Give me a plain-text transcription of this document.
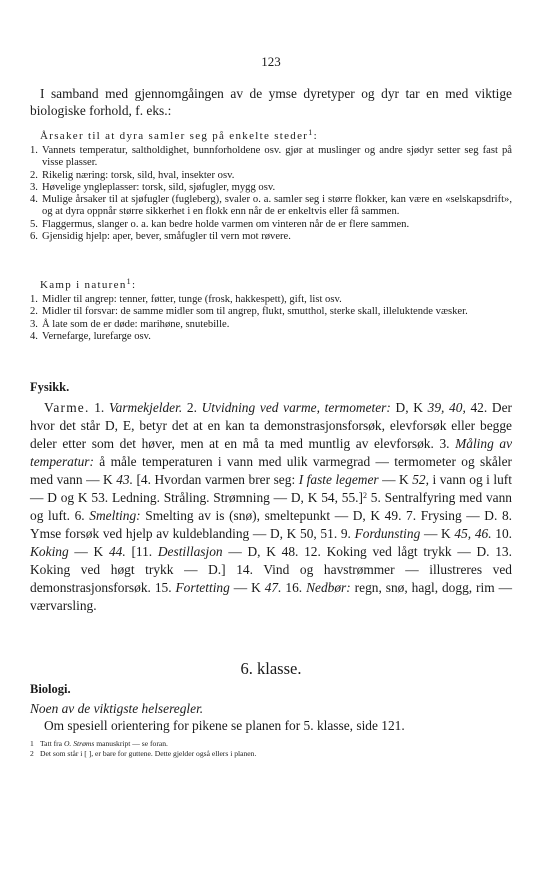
123
I samband med gjennomgåingen av de ymse dyretyper og dyr tar en med viktige biologiske forhold, f. eks.:
Årsaker til at dyra samler seg på enkelte steder$^1$:
1. Vannets temperatur, saltholdighet, bunnforholdene osv. gjør at muslinger og andre sjødyr setter seg fast på visse plasser.
2. Rikelig næring: torsk, sild, hval, insekter osv.
3. Høvelige yngleplasser: torsk, sild, sjøfugler, mygg osv.
4. Mulige årsaker til at sjøfugler (fugleberg), svaler o. a. samler seg i større flokker, kan være en «selskapsdrift», og at dyra oppnår større sikkerhet i en flokk enn når de er enkeltvis eller få sammen.
5. Flaggermus, slanger o. a. kan bedre holde varmen om vinteren når de er flere sammen.
6. Gjensidig hjelp: aper, bever, småfugler til vern mot røvere.
Kamp i naturen$^1$:
1. Midler til angrep: tenner, føtter, tunge (frosk, hakkespett), gift, list osv.
2. Midler til forsvar: de samme midler som til angrep, flukt, smutthol, sterke skall, illeluktende væsker.
3. Å late som de er døde: marihøne, snutebille.
4. Vernefarge, lurefarge osv.
Fysikk.
Varme. 1. Varmekjelder. 2. Utvidning ved varme, termometer: D, K 39, 40, 42. Der hvor det står D, E, betyr det at en kan ta demonstrasjonsforsøk, elevforsøk eller begge deler etter som det høver, men at en må ta med muntlig av elevforsøk. 3. Måling av temperatur: å måle temperaturen i vann med ulik varmegrad — termometer og skåler med vann — K 43. [4. Hvordan varmen brer seg: I faste legemer — K 52, i vann og i luft — D og K 53. Ledning. Stråling. Strømning — D, K 54, 55.]$^2$ 5. Sentralfyring med vann og luft. 6. Smelting: Smelting av is (snø), smeltepunkt — D, K 49. 7. Frysing — D. 8. Ymse forsøk ved hjelp av kuldeblanding — D, K 50, 51. 9. Fordunsting — K 45, 46. 10. Koking — K 44. [11. Destillasjon — D, K 48. 12. Koking ved lågt trykk — D. 13. Koking ved høgt trykk — D.] 14. Vind og havstrømmer — illustreres ved demonstrasjonsforsøk. 15. Fortetting — K 47. 16. Nedbør: regn, snø, hagl, dogg, rim — værvarsling.
6. klasse.
Biologi.
Noen av de viktigste helseregler.
Om spesiell orientering for pikene se planen for 5. klasse, side 121.
1 Tatt fra O. Strøms manuskript — se foran.
2 Det som står i [ ], er bare for guttene. Dette gjelder også ellers i planen.
